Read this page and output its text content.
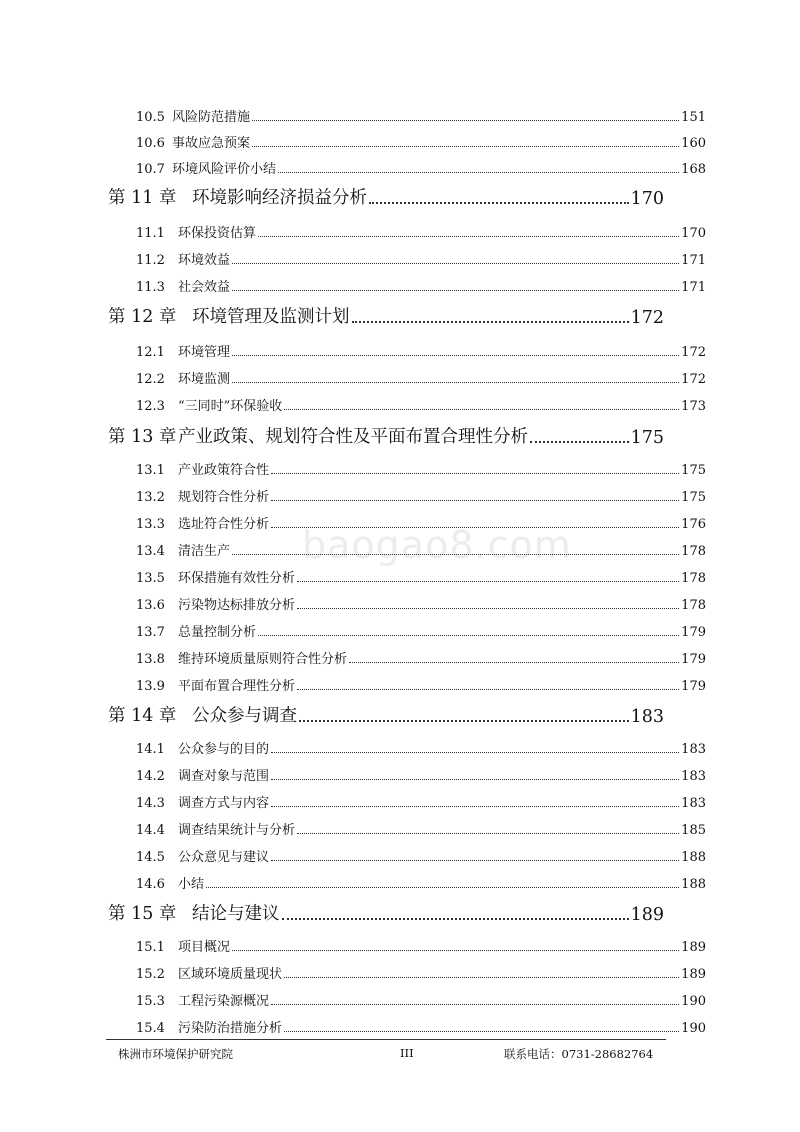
baogao8.com
10.5 风险防范措施	151
10.6 事故应急预案	160
10.7 环境风险评价小结	168
第 11 章 环境影响经济损益分析	170
11.1	环保投资估算	170
11.2	环境效益	171
11.3	社会效益	171
第 12 章 环境管理及监测计划	172
12.1	环境管理	172
12.2	环境监测	172
12.3	“三同时”环保验收	173
第 13 章 产业政策、规划符合性及平面布置合理性分析	175
13.1	产业政策符合性	175
13.2	规划符合性分析	175
13.3	选址符合性分析	176
13.4	清洁生产	178
13.5	环保措施有效性分析	178
13.6	污染物达标排放分析	178
13.7	总量控制分析	179
13.8	维持环境质量原则符合性分析	179
13.9	平面布置合理性分析	179
第 14 章 公众参与调查	183
14.1	公众参与的目的	183
14.2	调查对象与范围	183
14.3	调查方式与内容	183
14.4	调查结果统计与分析	185
14.5	公众意见与建议	188
14.6	小结	188
第 15 章 结论与建议	189
15.1	项目概况	189
15.2	区域环境质量现状	189
15.3	工程污染源概况	190
15.4	污染防治措施分析	190
株洲市环境保护研究院	III	联系电话：0731-28682764
